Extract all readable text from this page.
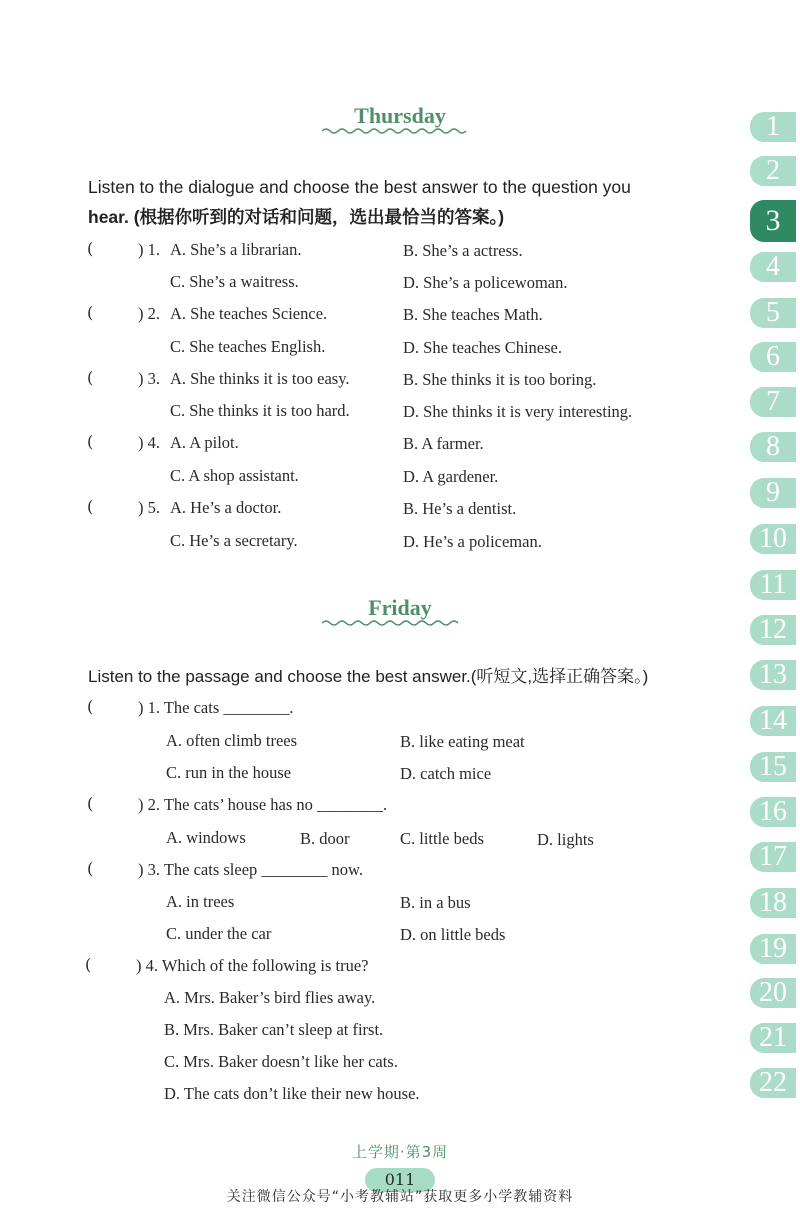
Thursday
Listen to the dialogue and choose the best answer to the question you
hear. (根据你听到的对话和问题，选出最恰当的答案。)
(	) 1. A. She’s a librarian.	B. She’s a actress.
C. She’s a waitress.	D. She’s a policewoman.
(	) 2. A. She teaches Science.	B. She teaches Math.
C. She teaches English.	D. She teaches Chinese.
(	) 3. A. She thinks it is too easy.	B. She thinks it is too boring.
C. She thinks it is too hard.	D. She thinks it is very interesting.
(	) 4. A. A pilot.	B. A farmer.
C. A shop assistant.	D. A gardener.
(	) 5. A. He’s a doctor.	B. He’s a dentist.
C. He’s a secretary.	D. He’s a policeman.
Friday
Listen to the passage and choose the best answer.(听短文,选择正确答案。)
(	) 1. The cats ________.
A. often climb trees	B. like eating meat
C. run in the house	D. catch mice
(	) 2. The cats’ house has no ________.
A. windows	B. door	C. little beds	D. lights
(	) 3. The cats sleep ________ now.
A. in trees	B. in a bus
C. under the car	D. on little beds
(	) 4. Which of the following is true?
A. Mrs. Baker’s bird flies away.
B. Mrs. Baker can’t sleep at first.
C. Mrs. Baker doesn’t like her cats.
D. The cats don’t like their new house.
1
2
3
4
5
6
7
8
9
10
11
12
13
14
15
16
17
18
19
20
21
22
上学期·第3周
011
关注微信公众号“小考教辅站”获取更多小学教辅资料
